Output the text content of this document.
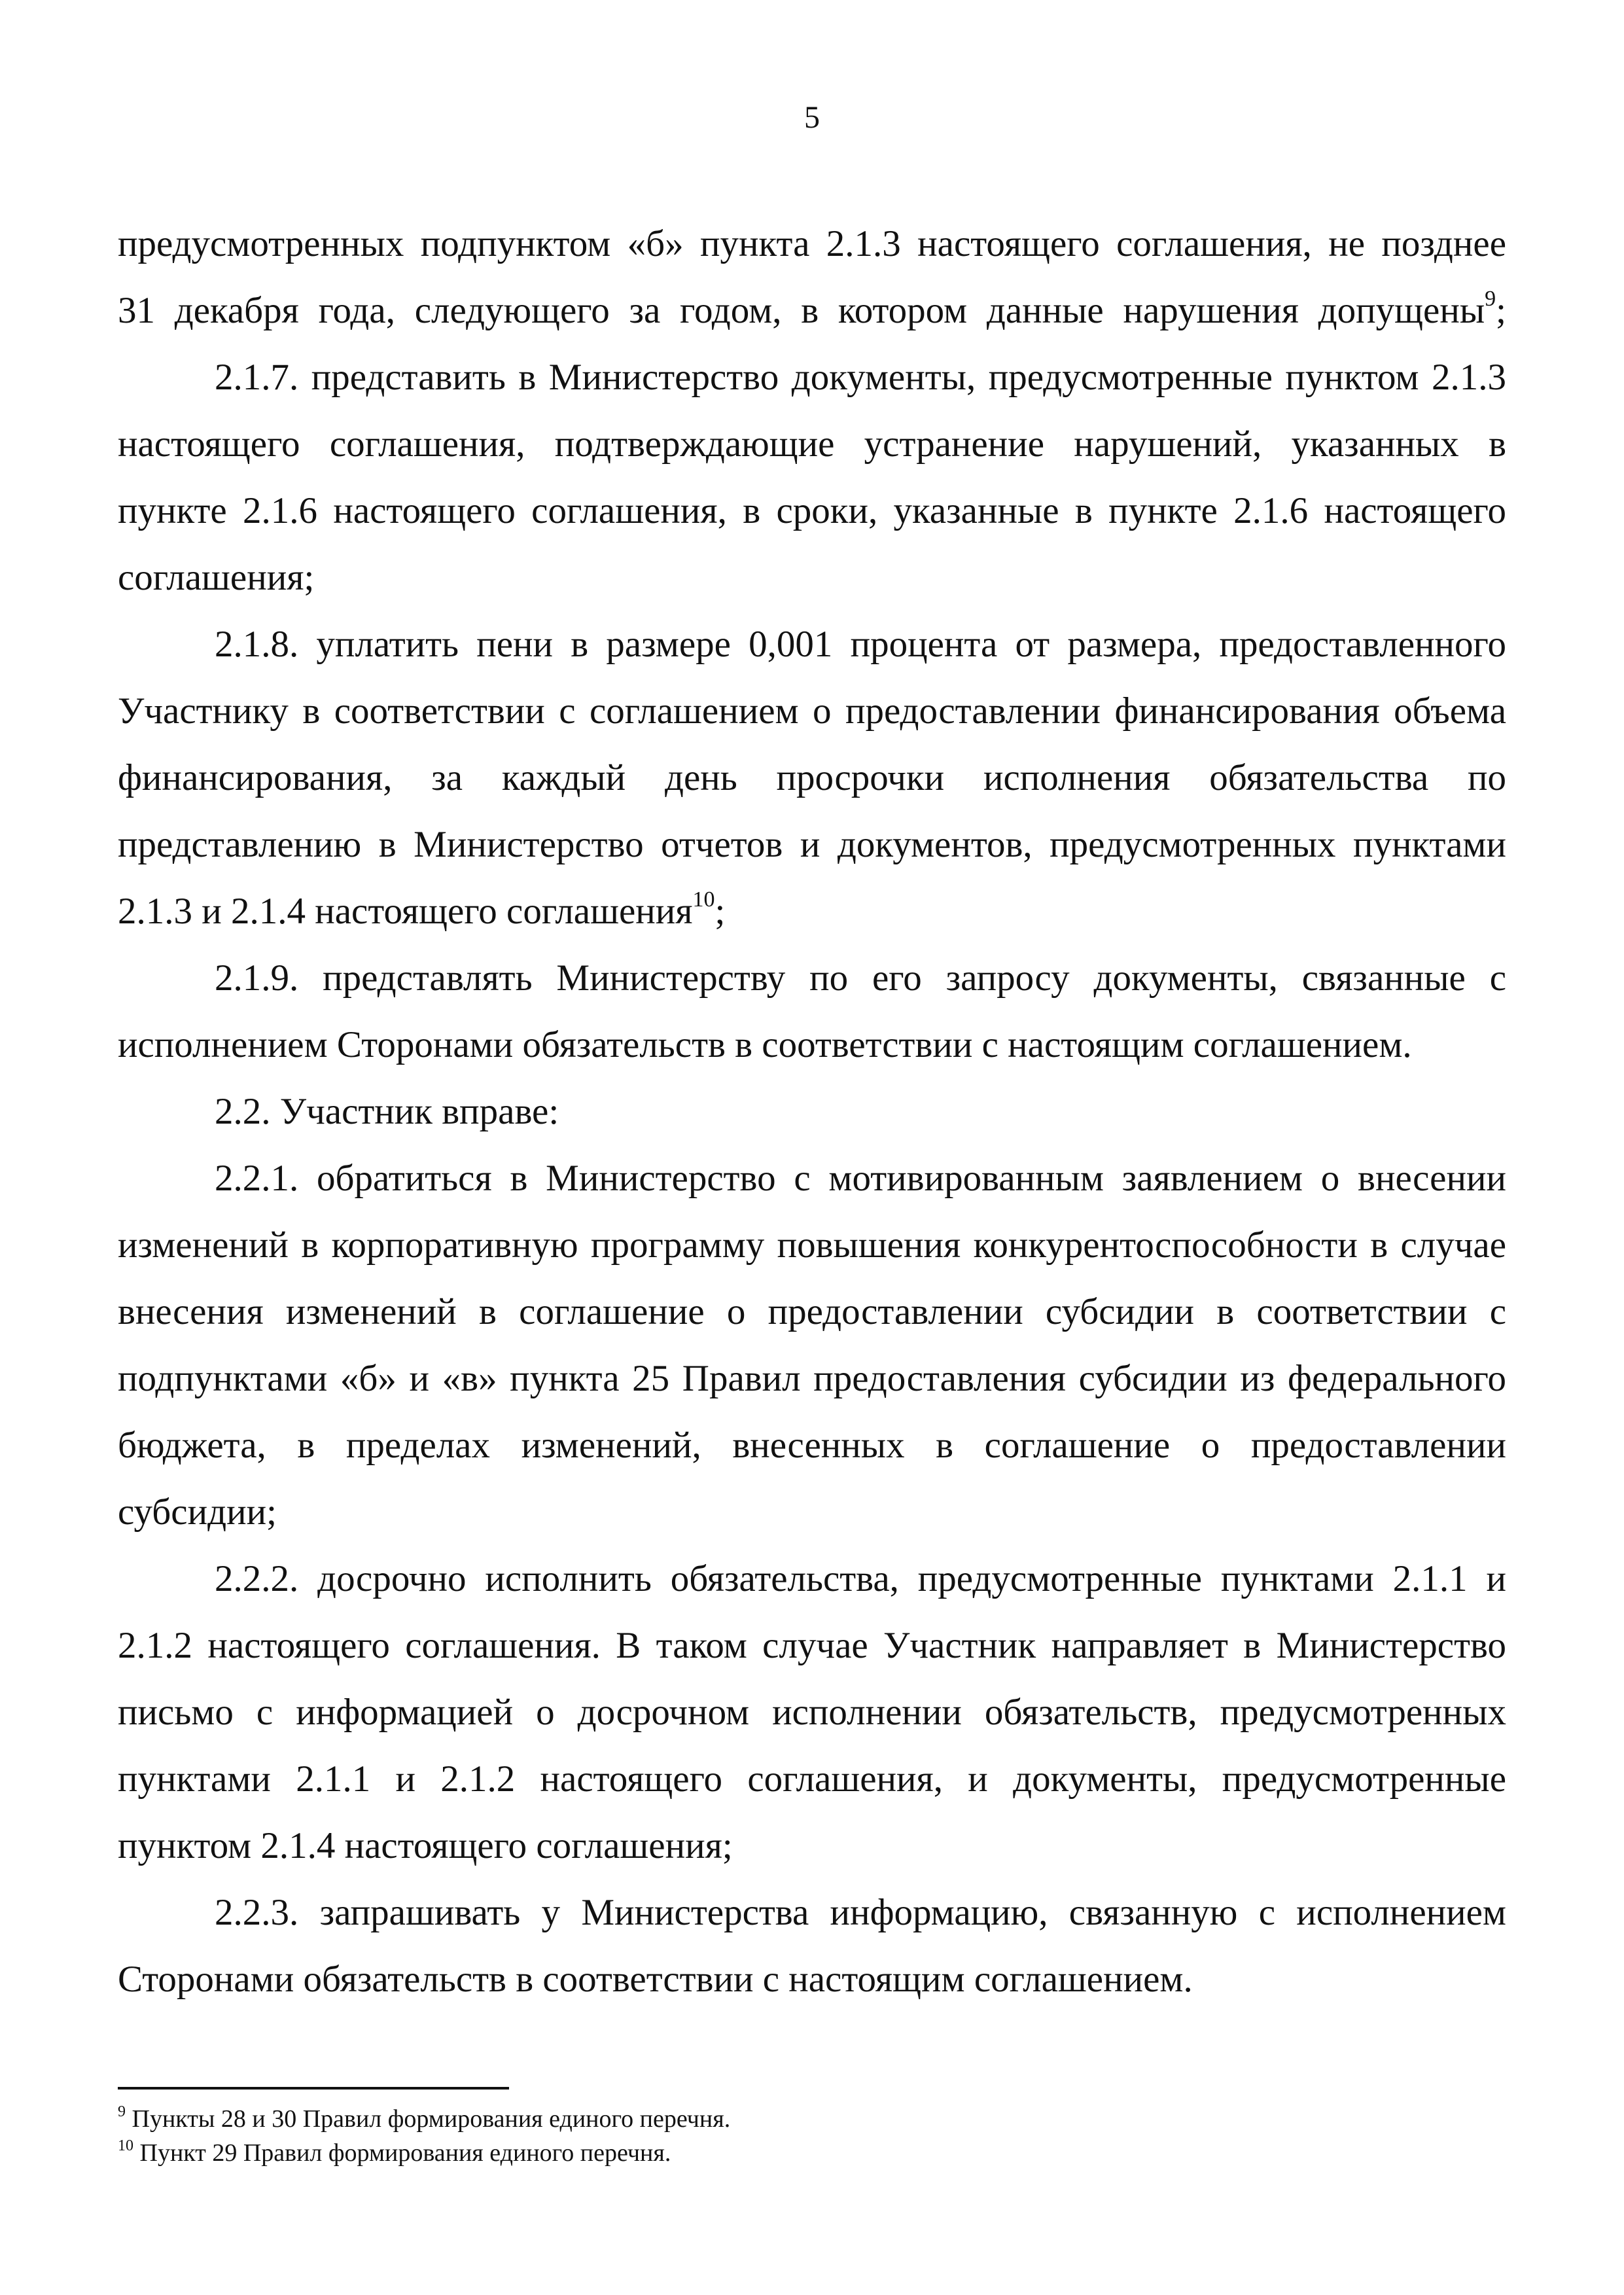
5
предусмотренных подпунктом «б» пункта 2.1.3 настоящего соглашения, не позднее
31 декабря года, следующего за годом, в котором данные нарушения допущены$^9$;
2.1.7. представить в Министерство документы, предусмотренные пунктом 2.1.3
настоящего соглашения, подтверждающие устранение нарушений, указанных в
пункте 2.1.6 настоящего соглашения, в сроки, указанные в пункте 2.1.6 настоящего
соглашения;
2.1.8. уплатить пени в размере 0,001 процента от размера, предоставленного
Участнику в соответствии с соглашением о предоставлении финансирования объема
финансирования, за каждый день просрочки исполнения обязательства по
представлению в Министерство отчетов и документов, предусмотренных пунктами
2.1.3 и 2.1.4 настоящего соглашения$^{10}$;
2.1.9. представлять Министерству по его запросу документы, связанные с
исполнением Сторонами обязательств в соответствии с настоящим соглашением.
2.2. Участник вправе:
2.2.1. обратиться в Министерство с мотивированным заявлением о внесении
изменений в корпоративную программу повышения конкурентоспособности в случае
внесения изменений в соглашение о предоставлении субсидии в соответствии с
подпунктами «б» и «в» пункта 25 Правил предоставления субсидии из федерального
бюджета, в пределах изменений, внесенных в соглашение о предоставлении
субсидии;
2.2.2. досрочно исполнить обязательства, предусмотренные пунктами 2.1.1 и
2.1.2 настоящего соглашения. В таком случае Участник направляет в Министерство
письмо с информацией о досрочном исполнении обязательств, предусмотренных
пунктами 2.1.1 и 2.1.2 настоящего соглашения, и документы, предусмотренные
пунктом 2.1.4 настоящего соглашения;
2.2.3. запрашивать у Министерства информацию, связанную с исполнением
Сторонами обязательств в соответствии с настоящим соглашением.
$^9$ Пункты 28 и 30 Правил формирования единого перечня.
$^{10}$ Пункт 29 Правил формирования единого перечня.
